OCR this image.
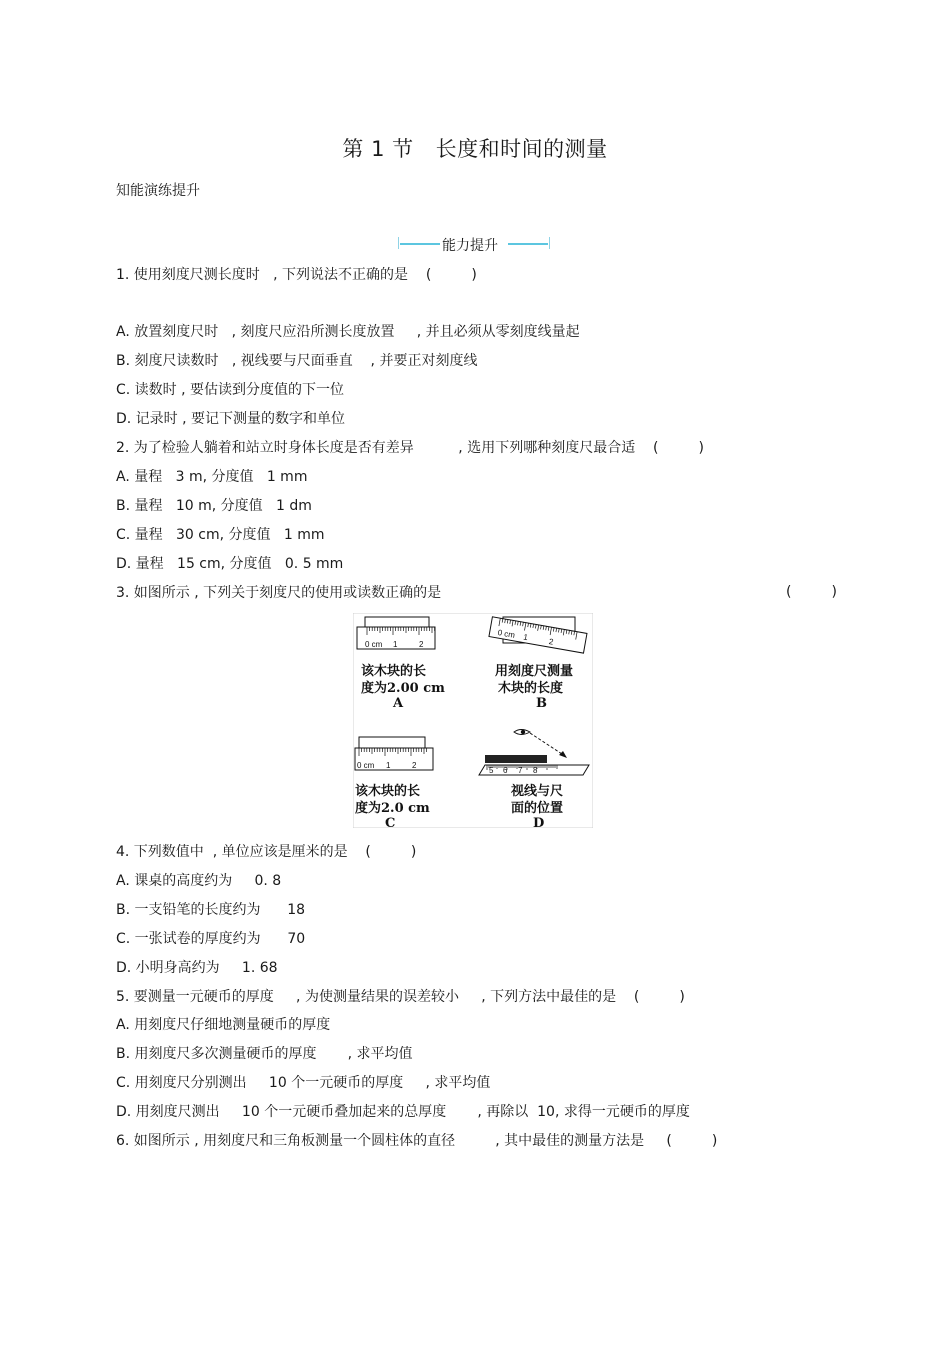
第 1 节 长度和时间的测量
知能演练提升
能力提升
1. 使用刻度尺测长度时   , 下列说法不正确的是    (         )
A. 放置刻度尺时   , 刻度尺应沿所测长度放置     , 并且必须从零刻度线量起
B. 刻度尺读数时   , 视线要与尺面垂直    , 并要正对刻度线
C. 读数时 , 要估读到分度值的下一位
D. 记录时 , 要记下测量的数字和单位
2. 为了检验人躺着和站立时身体长度是否有差异          , 选用下列哪种刻度尺最合适    (         )
A. 量程   3 m, 分度值   1 mm
B. 量程   10 m, 分度值   1 dm
C. 量程   30 cm, 分度值   1 mm
D. 量程   15 cm, 分度值   0. 5 mm
3. 如图所示 , 下列关于刻度尺的使用或读数正确的是	(         )
0 cm 1	2
该木块的长
度为2.00 cm
A
0 cm 1 2
用刻度尺测量
木块的长度
B
0 cm 1	2
该木块的长
度为2.0 cm
C
5 6 7 8
视线与尺
面的位置
D
4. 下列数值中  , 单位应该是厘米的是    (         )
A. 课桌的高度约为     0. 8
B. 一支铅笔的长度约为      18
C. 一张试卷的厚度约为      70
D. 小明身高约为     1. 68
5. 要测量一元硬币的厚度     , 为使测量结果的误差较小     , 下列方法中最佳的是    (         )
A. 用刻度尺仔细地测量硬币的厚度
B. 用刻度尺多次测量硬币的厚度       , 求平均值
C. 用刻度尺分别测出     10 个一元硬币的厚度     , 求平均值
D. 用刻度尺测出     10 个一元硬币叠加起来的总厚度       , 再除以  10, 求得一元硬币的厚度
6. 如图所示 , 用刻度尺和三角板测量一个圆柱体的直径         , 其中最佳的测量方法是     (         )
